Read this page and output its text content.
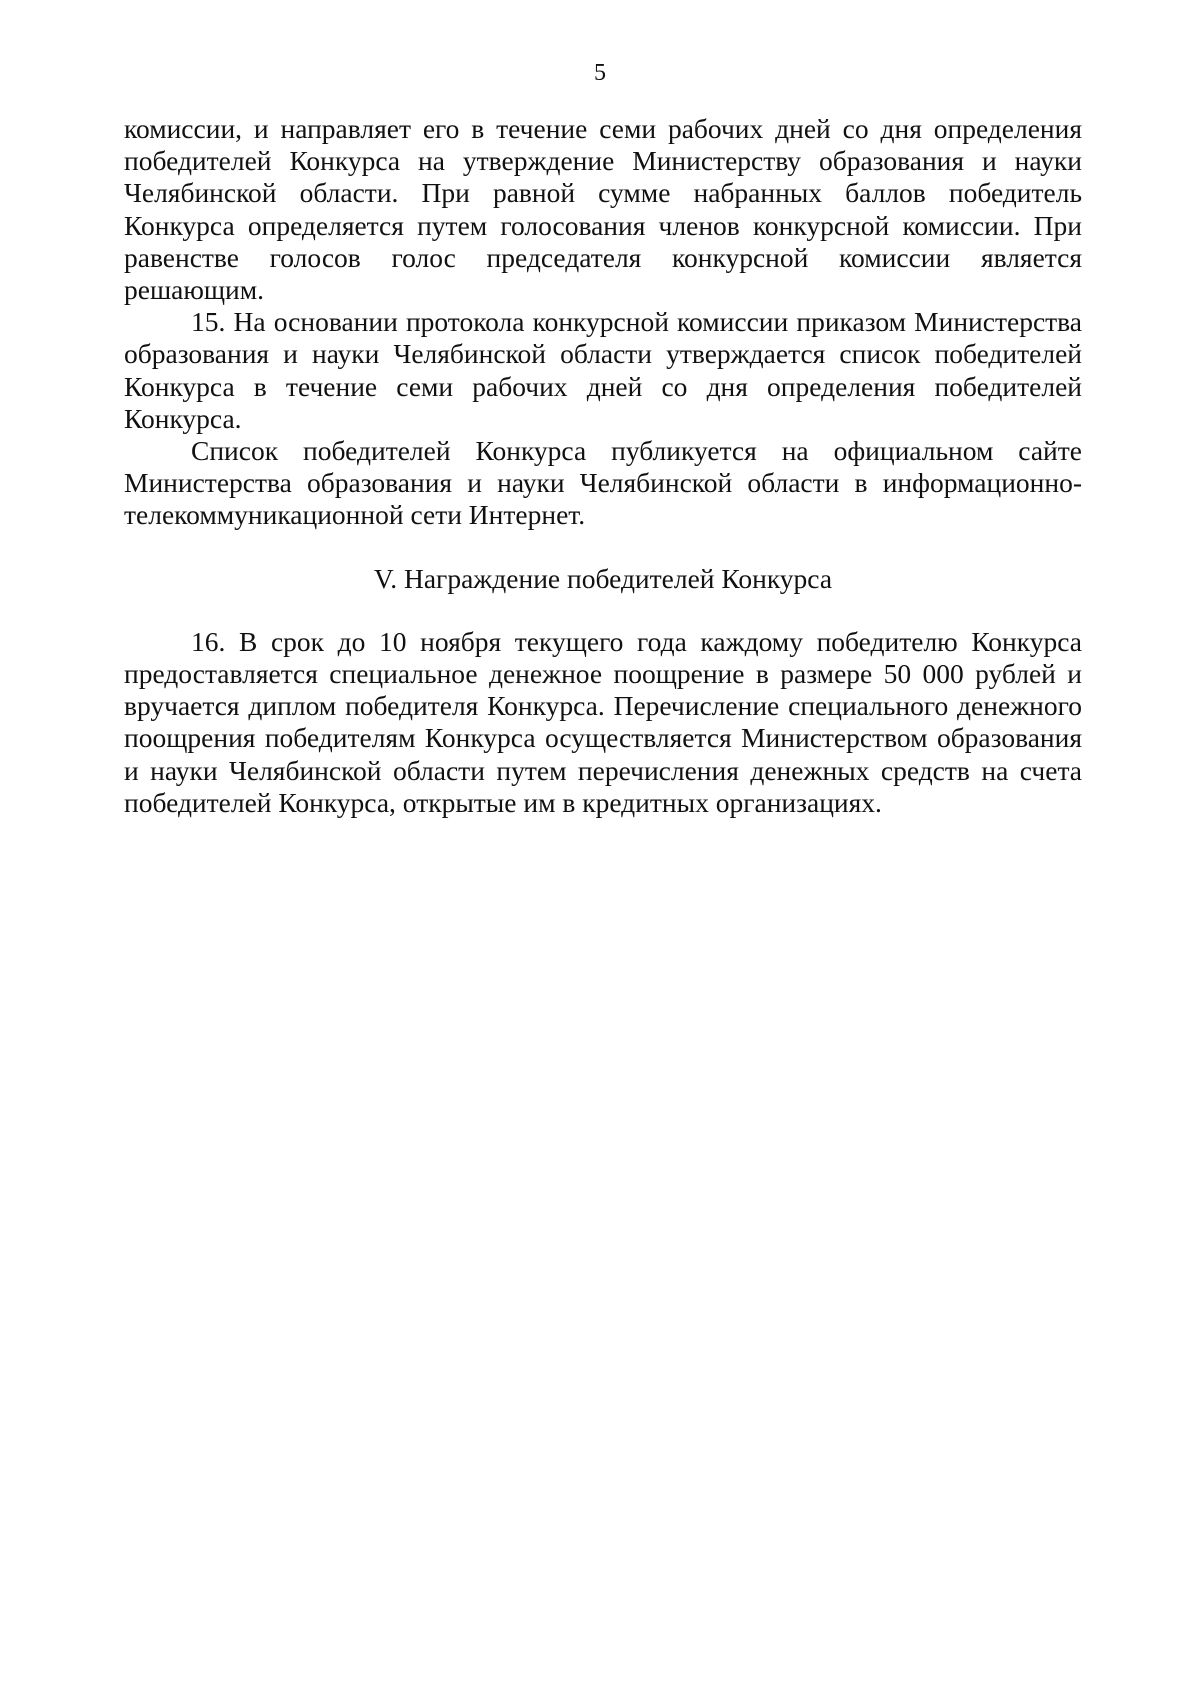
5

комиссии, и направляет его в течение семи рабочих дней со дня определения победителей Конкурса на утверждение Министерству образования и науки Челябинской области. При равной сумме набранных баллов победитель Конкурса определяется путем голосования членов конкурсной комиссии. При равенстве голосов голос председателя конкурсной комиссии является решающим.

15. На основании протокола конкурсной комиссии приказом Министерства образования и науки Челябинской области утверждается список победителей Конкурса в течение семи рабочих дней со дня определения победителей Конкурса.

Список победителей Конкурса публикуется на официальном сайте Министерства образования и науки Челябинской области в информационно-телекоммуникационной сети Интернет.

V. Награждение победителей Конкурса

16. В срок до 10 ноября текущего года каждому победителю Конкурса предоставляется специальное денежное поощрение в размере 50 000 рублей и вручается диплом победителя Конкурса. Перечисление специального денежного поощрения победителям Конкурса осуществляется Министерством образования и науки Челябинской области путем перечисления денежных средств на счета победителей Конкурса, открытые им в кредитных организациях.
